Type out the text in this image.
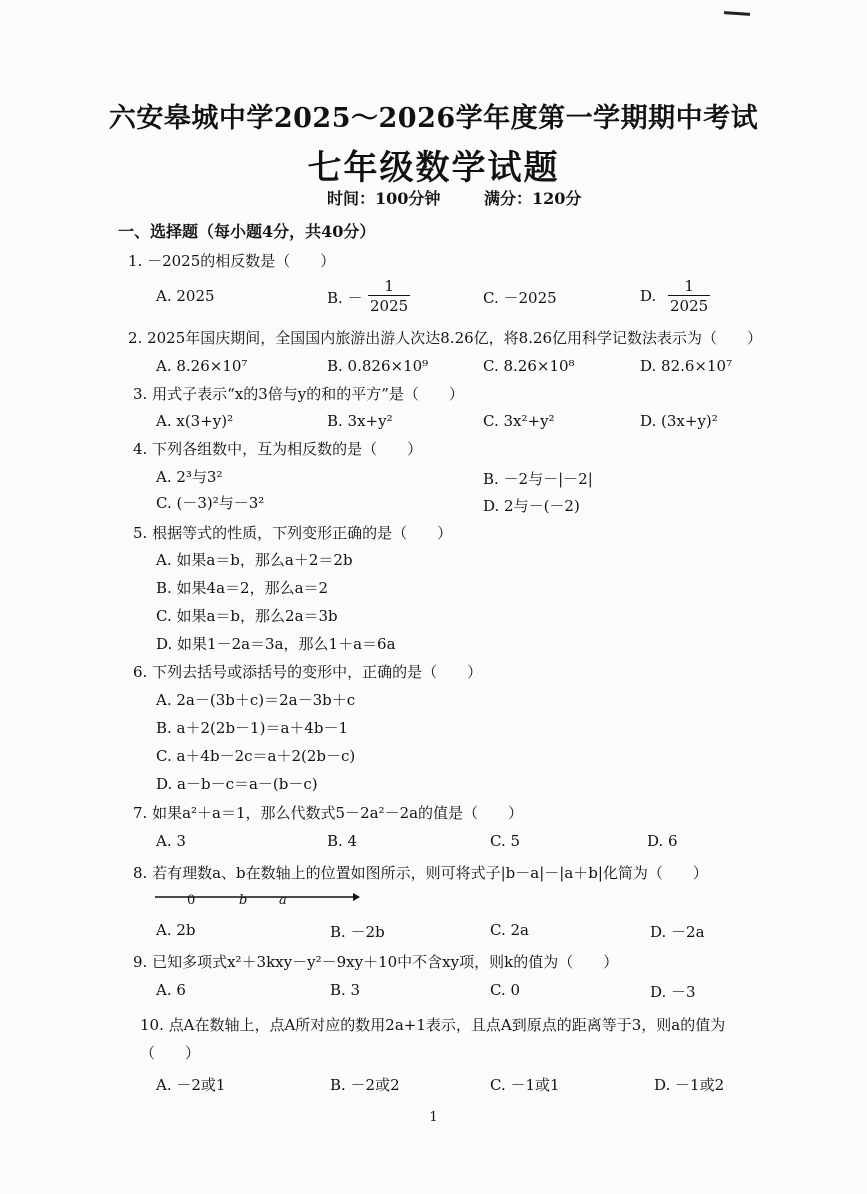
六安皋城中学2025～2026学年度第一学期期中考试
七年级数学试题
时间：100分钟	满分：120分
一、选择题（每小题4分，共40分）
1. －2025的相反数是（　　）
A. 2025	B. － $\frac{1}{2025}$	C. －2025	D. $\frac{1}{2025}$
2. 2025年国庆期间，全国国内旅游出游人次达8.26亿，将8.26亿用科学记数法表示为（　　）
A. 8.26×10⁷	B. 0.826×10⁹	C. 8.26×10⁸	D. 82.6×10⁷
3. 用式子表示“x的3倍与y的和的平方”是（　　）
A. x(3+y)²	B. 3x+y²	C. 3x²+y²	D. (3x+y)²
4. 下列各组数中，互为相反数的是（　　）
A. 2³与3²	B. －2与－|－2|
C. (－3)²与－3²	D. 2与－(－2)
5. 根据等式的性质，下列变形正确的是（　　）
A. 如果a＝b，那么a＋2＝2b
B. 如果4a＝2，那么a＝2
C. 如果a＝b，那么2a＝3b
D. 如果1－2a＝3a，那么1＋a＝6a
6. 下列去括号或添括号的变形中，正确的是（　　）
A. 2a－(3b＋c)＝2a－3b＋c
B. a＋2(2b－1)＝a＋4b－1
C. a＋4b－2c＝a＋2(2b－c)
D. a－b－c＝a－(b－c)
7. 如果a²＋a＝1，那么代数式5－2a²－2a的值是（　　）
A. 3	B. 4	C. 5	D. 6
8. 若有理数a、b在数轴上的位置如图所示，则可将式子|b－a|－|a＋b|化简为（　　）
0	b a
A. 2b	B. －2b	C. 2a	D. －2a
9. 已知多项式x²＋3kxy－y²－9xy＋10中不含xy项，则k的值为（　　）
A. 6	B. 3	C. 0	D. －3
10. 点A在数轴上，点A所对应的数用2a+1表示，且点A到原点的距离等于3，则a的值为
（　　）
A. －2或1	B. －2或2	C. －1或1	D. －1或2
1
